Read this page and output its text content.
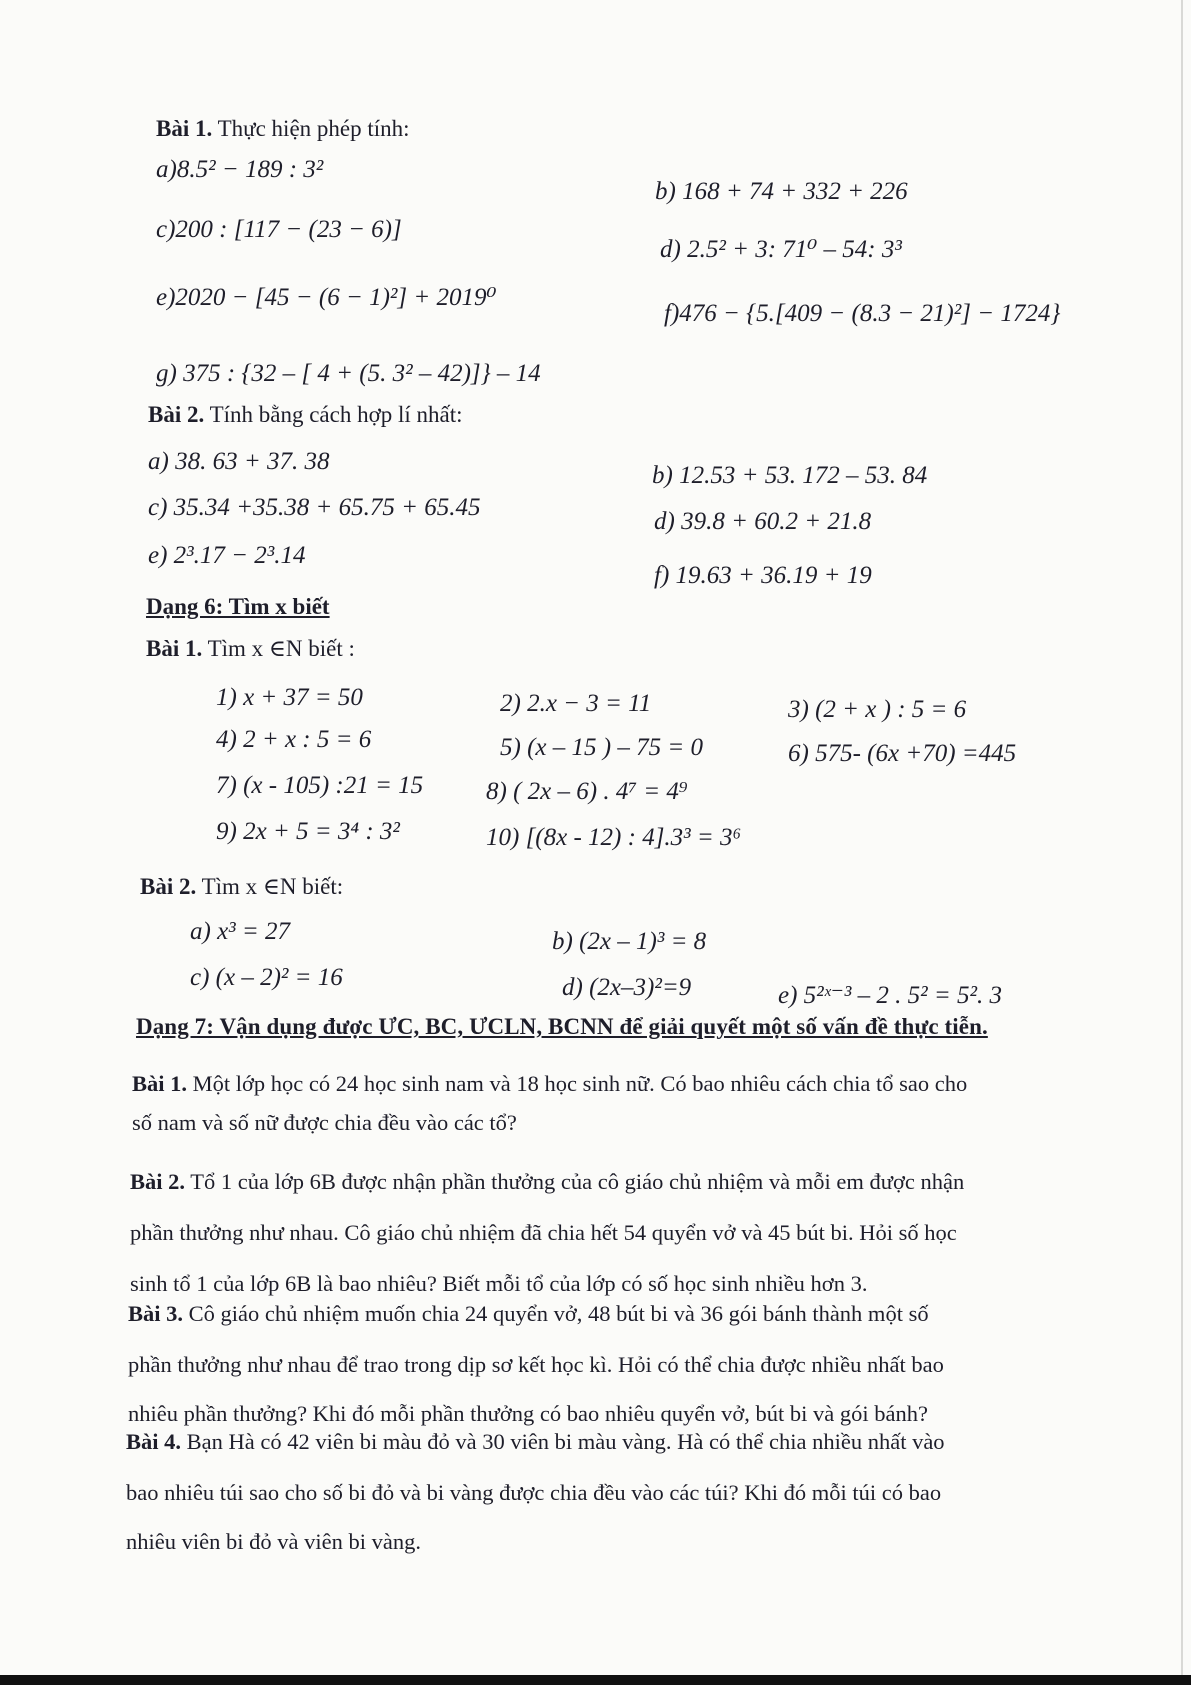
Bài 1. Thực hiện phép tính:
a)8.5² − 189 : 3²
b) 168 + 74 + 332 + 226
c)200 : [117 − (23 − 6)]
d) 2.5² + 3: 71⁰ – 54: 3³
e)2020 − [45 − (6 − 1)²] + 2019⁰
f)476 − {5.[409 − (8.3 − 21)²] − 1724}
g) 375 : {32 – [ 4 + (5. 3² – 42)]} – 14
Bài 2. Tính bằng cách hợp lí nhất:
a) 38. 63 + 37. 38
b) 12.53 + 53. 172 – 53. 84
c) 35.34 +35.38 + 65.75 + 65.45
d) 39.8 + 60.2 + 21.8
e) 2³.17 − 2³.14
f) 19.63 + 36.19 + 19
Dạng 6: Tìm x biết
Bài 1. Tìm x ∈N biết :
1) x + 37 = 50	2) 2.x − 3 = 11	3) (2 + x ) : 5 = 6
4) 2 + x : 5 = 6	5) (x – 15 ) – 75 = 0	6) 575- (6x +70) =445
7) (x - 105) :21 = 15	8) ( 2x – 6) . 4⁷ = 4⁹
9) 2x + 5 = 3⁴ : 3²	10) [(8x - 12) : 4].3³ = 3⁶
Bài 2. Tìm x ∈N biết:
a) x³ = 27	b) (2x – 1)³ = 8
c) (x – 2)² = 16	d) (2x–3)²=9	e) 5²ˣ⁻³ – 2 . 5² = 5². 3
Dạng 7: Vận dụng được ƯC, BC, ƯCLN, BCNN để giải quyết một số vấn đề thực tiễn.
Bài 1. Một lớp học có 24 học sinh nam và 18 học sinh nữ. Có bao nhiêu cách chia tổ sao cho
số nam và số nữ được chia đều vào các tổ?
Bài 2. Tổ 1 của lớp 6B được nhận phần thưởng của cô giáo chủ nhiệm và mỗi em được nhận
phần thưởng như nhau. Cô giáo chủ nhiệm đã chia hết 54 quyển vở và 45 bút bi. Hỏi số học
sinh tổ 1 của lớp 6B là bao nhiêu? Biết mỗi tổ của lớp có số học sinh nhiều hơn 3.
Bài 3. Cô giáo chủ nhiệm muốn chia 24 quyển vở, 48 bút bi và 36 gói bánh thành một số
phần thưởng như nhau để trao trong dịp sơ kết học kì. Hỏi có thể chia được nhiều nhất bao
nhiêu phần thưởng? Khi đó mỗi phần thưởng có bao nhiêu quyển vở, bút bi và gói bánh?
Bài 4. Bạn Hà có 42 viên bi màu đỏ và 30 viên bi màu vàng. Hà có thể chia nhiều nhất vào
bao nhiêu túi sao cho số bi đỏ và bi vàng được chia đều vào các túi? Khi đó mỗi túi có bao
nhiêu viên bi đỏ và viên bi vàng.
